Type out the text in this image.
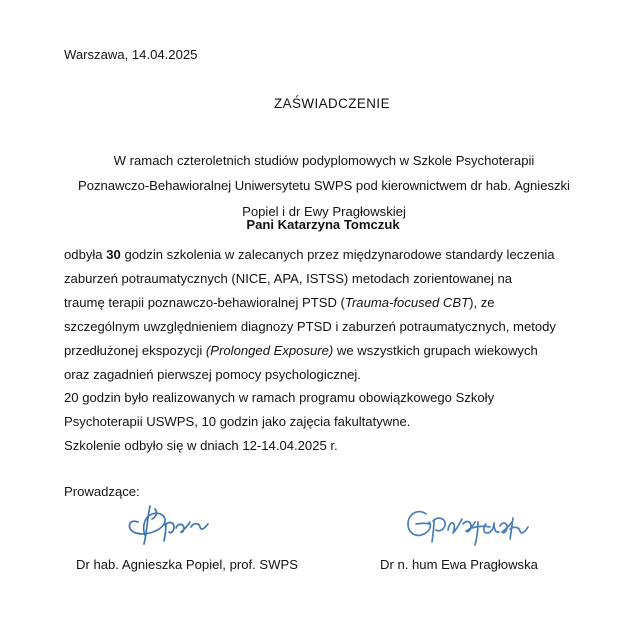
Warszawa, 14.04.2025
ZAŚWIADCZENIE
W ramach czteroletnich studiów podyplomowych w Szkole Psychoterapii
Poznawczo-Behawioralnej Uniwersytetu SWPS pod kierownictwem dr hab. Agnieszki
Popiel i dr Ewy Pragłowskiej
Pani Katarzyna Tomczuk
odbyła 30 godzin szkolenia w zalecanych przez międzynarodowe standardy leczenia
zaburzeń potraumatycznych (NICE, APA, ISTSS) metodach zorientowanej na
traumę terapii poznawczo-behawioralnej PTSD (Trauma-focused CBT), ze
szczególnym uwzględnieniem diagnozy PTSD i zaburzeń potraumatycznych, metody
przedłużonej ekspozycji (Prolonged Exposure) we wszystkich grupach wiekowych
oraz zagadnień pierwszej pomocy psychologicznej.
20 godzin było realizowanych w ramach programu obowiązkowego Szkoły
Psychoterapii USWPS, 10 godzin jako zajęcia fakultatywne.
Szkolenie odbyło się w dniach 12-14.04.2025 r.
Prowadzące:
Dr hab. Agnieszka Popiel, prof. SWPS	Dr n. hum Ewa Pragłowska
